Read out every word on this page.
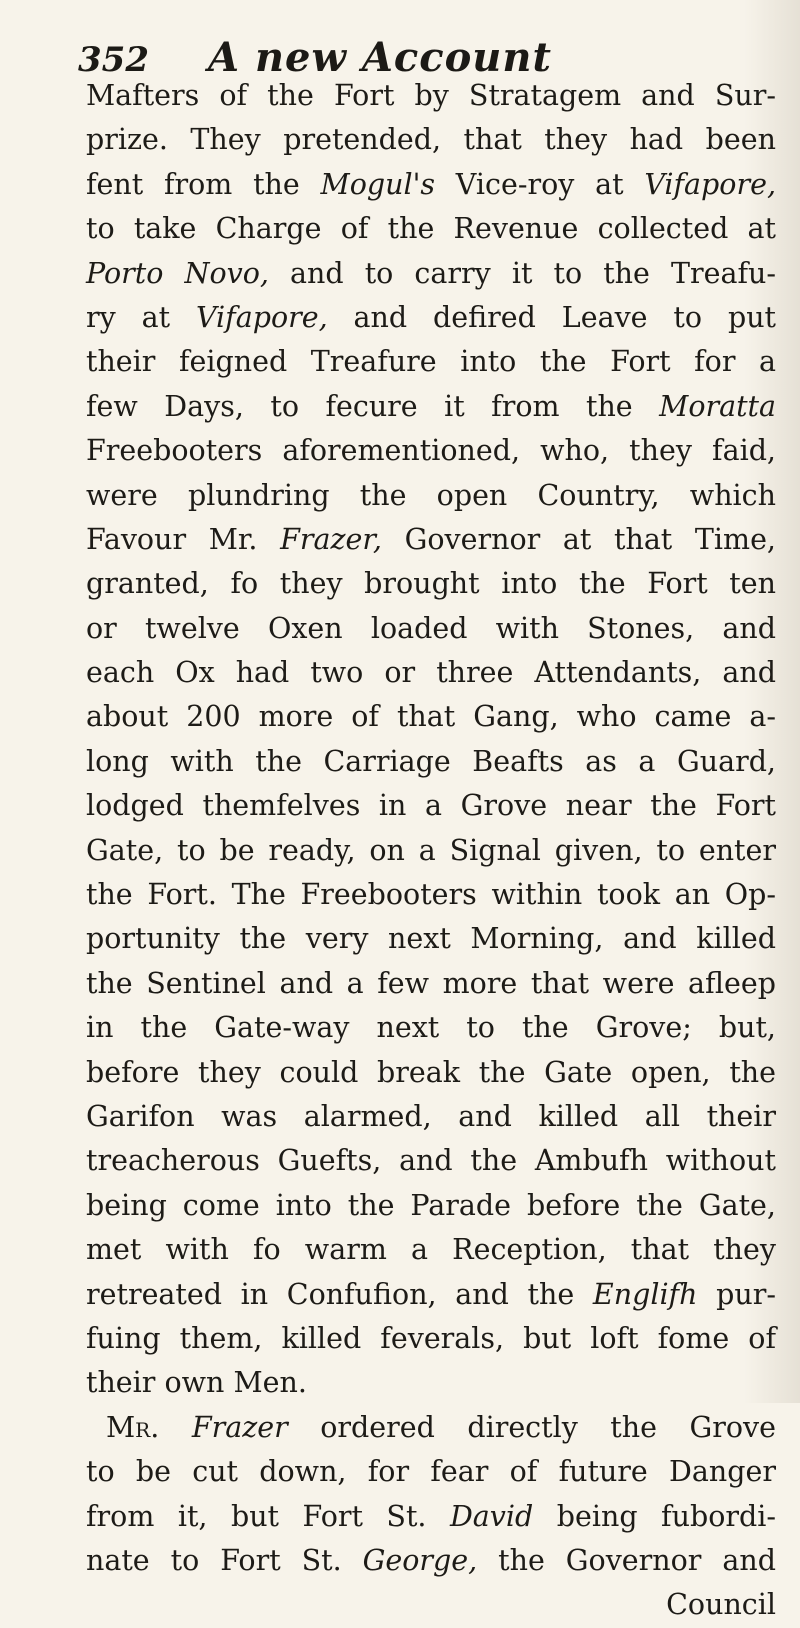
352 A new Account
Mafters of the Fort by Stratagem and Sur-
prize. They pretended, that they had been
fent from the Mogul's Vice-roy at Vifapore,
to take Charge of the Revenue collected at
Porto Novo, and to carry it to the Treafu-
ry at Vifapore, and defired Leave to put
their feigned Treafure into the Fort for a
few Days, to fecure it from the Moratta
Freebooters aforementioned, who, they faid,
were plundring the open Country, which
Favour Mr. Frazer, Governor at that Time,
granted, fo they brought into the Fort ten
or twelve Oxen loaded with Stones, and
each Ox had two or three Attendants, and
about 200 more of that Gang, who came a-
long with the Carriage Beafts as a Guard,
lodged themfelves in a Grove near the Fort
Gate, to be ready, on a Signal given, to enter
the Fort. The Freebooters within took an Op-
portunity the very next Morning, and killed
the Sentinel and a few more that were afleep
in the Gate-way next to the Grove; but,
before they could break the Gate open, the
Garifon was alarmed, and killed all their
treacherous Guefts, and the Ambufh without
being come into the Parade before the Gate,
met with fo warm a Reception, that they
retreated in Confufion, and the Englifh pur-
fuing them, killed feverals, but loft fome of
their own Men.
Mr. Frazer ordered directly the Grove
to be cut down, for fear of future Danger
from it, but Fort St. David being fubordi-
nate to Fort St. George, the Governor and
Council
